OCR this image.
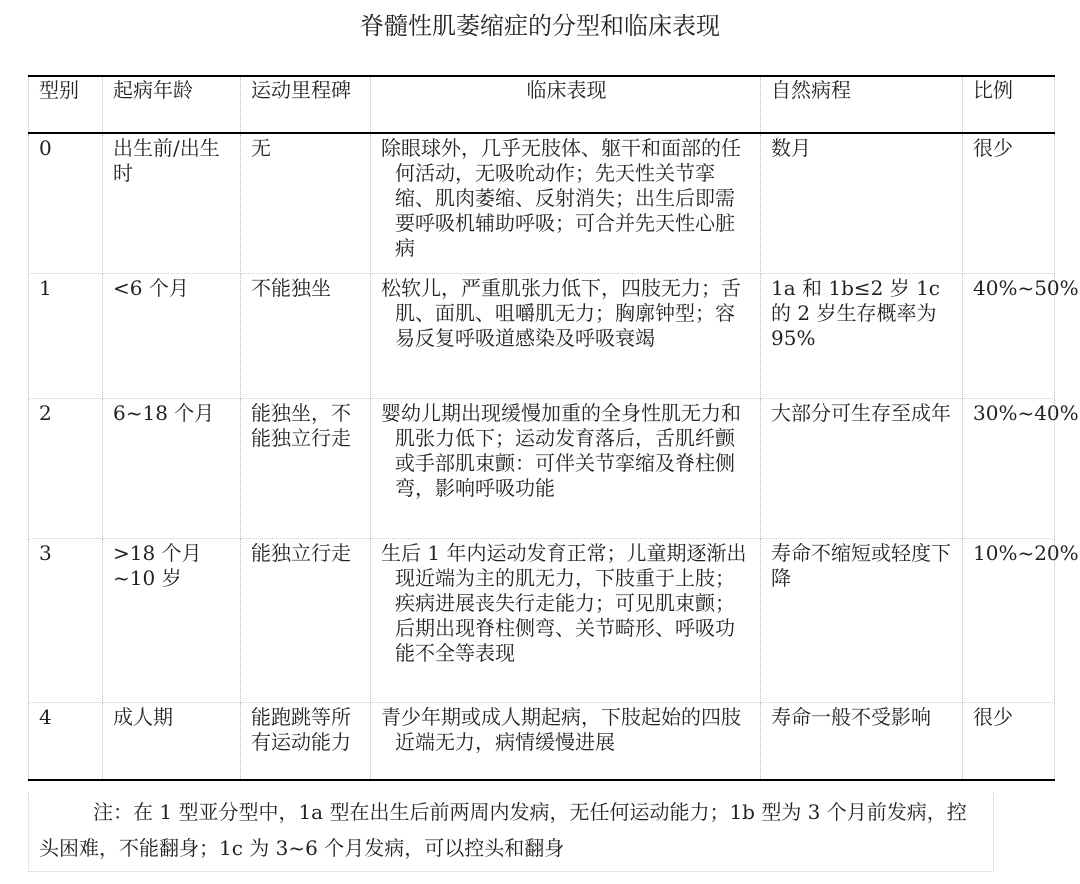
脊髓性肌萎缩症的分型和临床表现
型别	起病年龄	运动里程碑	临床表现	自然病程	比例
0	出生前/出生时	无	除眼球外，几乎无肢体、躯干和面部的任何活动，无吸吮动作；先天性关节挛缩、肌肉萎缩、反射消失；出生后即需要呼吸机辅助呼吸；可合并先天性心脏病	数月	很少
1	<6 个月	不能独坐	松软儿，严重肌张力低下，四肢无力；舌肌、面肌、咀嚼肌无力；胸廓钟型；容易反复呼吸道感染及呼吸衰竭	1a 和 1b≤2 岁 1c 的 2 岁生存概率为 95%	40%~50%
2	6~18 个月	能独坐，不能独立行走	婴幼儿期出现缓慢加重的全身性肌无力和肌张力低下；运动发育落后，舌肌纤颤或手部肌束颤：可伴关节挛缩及脊柱侧弯，影响呼吸功能	大部分可生存至成年	30%~40%
3	>18 个月 ~10 岁	能独立行走	生后 1 年内运动发育正常；儿童期逐渐出现近端为主的肌无力，下肢重于上肢；疾病进展丧失行走能力；可见肌束颤；后期出现脊柱侧弯、关节畸形、呼吸功能不全等表现	寿命不缩短或轻度下降	10%~20%
4	成人期	能跑跳等所有运动能力	青少年期或成人期起病，下肢起始的四肢近端无力，病情缓慢进展	寿命一般不受影响	很少

注：在 1 型亚分型中，1a 型在出生后前两周内发病，无任何运动能力；1b 型为 3 个月前发病，控头困难，不能翻身；1c 为 3~6 个月发病，可以控头和翻身
